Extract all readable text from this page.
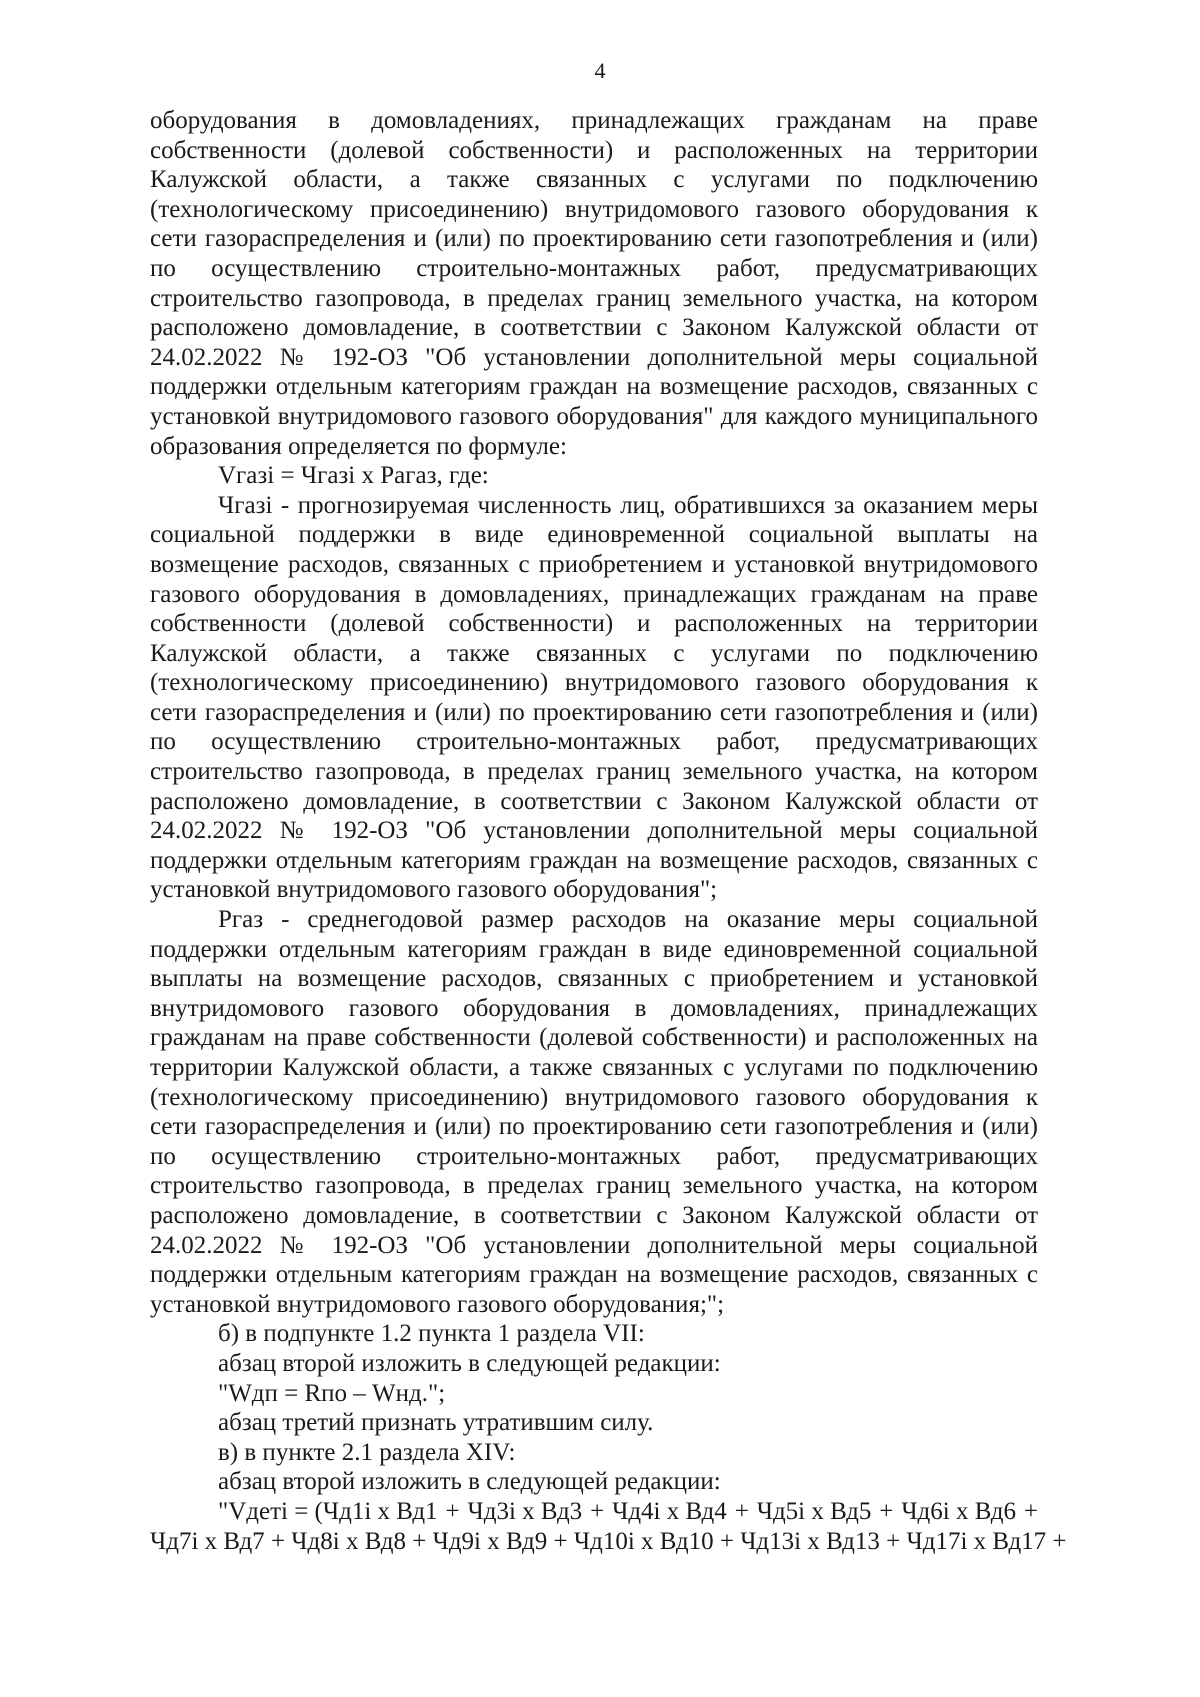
4

оборудования в домовладениях, принадлежащих гражданам на праве собственности (долевой собственности) и расположенных на территории Калужской области, а также связанных с услугами по подключению (технологическому присоединению) внутридомового газового оборудования к сети газораспределения и (или) по проектированию сети газопотребления и (или) по осуществлению строительно-монтажных работ, предусматривающих строительство газопровода, в пределах границ земельного участка, на котором расположено домовладение, в соответствии с Законом Калужской области от 24.02.2022 № 192-ОЗ "Об установлении дополнительной меры социальной поддержки отдельным категориям граждан на возмещение расходов, связанных с установкой внутридомового газового оборудования" для каждого муниципального образования определяется по формуле:

Vгазi = Чгазi x Рагаз, где:

Чгазi - прогнозируемая численность лиц, обратившихся за оказанием меры социальной поддержки в виде единовременной социальной выплаты на возмещение расходов, связанных с приобретением и установкой внутридомового газового оборудования в домовладениях, принадлежащих гражданам на праве собственности (долевой собственности) и расположенных на территории Калужской области, а также связанных с услугами по подключению (технологическому присоединению) внутридомового газового оборудования к сети газораспределения и (или) по проектированию сети газопотребления и (или) по осуществлению строительно-монтажных работ, предусматривающих строительство газопровода, в пределах границ земельного участка, на котором расположено домовладение, в соответствии с Законом Калужской области от 24.02.2022 № 192-ОЗ "Об установлении дополнительной меры социальной поддержки отдельным категориям граждан на возмещение расходов, связанных с установкой внутридомового газового оборудования";

Ргаз - среднегодовой размер расходов на оказание меры социальной поддержки отдельным категориям граждан в виде единовременной социальной выплаты на возмещение расходов, связанных с приобретением и установкой внутридомового газового оборудования в домовладениях, принадлежащих гражданам на праве собственности (долевой собственности) и расположенных на территории Калужской области, а также связанных с услугами по подключению (технологическому присоединению) внутридомового газового оборудования к сети газораспределения и (или) по проектированию сети газопотребления и (или) по осуществлению строительно-монтажных работ, предусматривающих строительство газопровода, в пределах границ земельного участка, на котором расположено домовладение, в соответствии с Законом Калужской области от 24.02.2022 № 192-ОЗ "Об установлении дополнительной меры социальной поддержки отдельным категориям граждан на возмещение расходов, связанных с установкой внутридомового газового оборудования;";

б) в подпункте 1.2 пункта 1 раздела VII:

абзац второй изложить в следующей редакции:

"Wдп = Rпо – Wнд.";

абзац третий признать утратившим силу.

в) в пункте 2.1 раздела XIV:

абзац второй изложить в следующей редакции:

"Vдетi = (Чд1i x Вд1 + Чд3i x Вд3 + Чд4i x Вд4 + Чд5i x Вд5 + Чд6i x Вд6 +

Чд7i x Вд7 + Чд8i x Вд8 + Чд9i x Вд9 + Чд10i x Вд10 + Чд13i x Вд13 + Чд17i x Вд17 +
